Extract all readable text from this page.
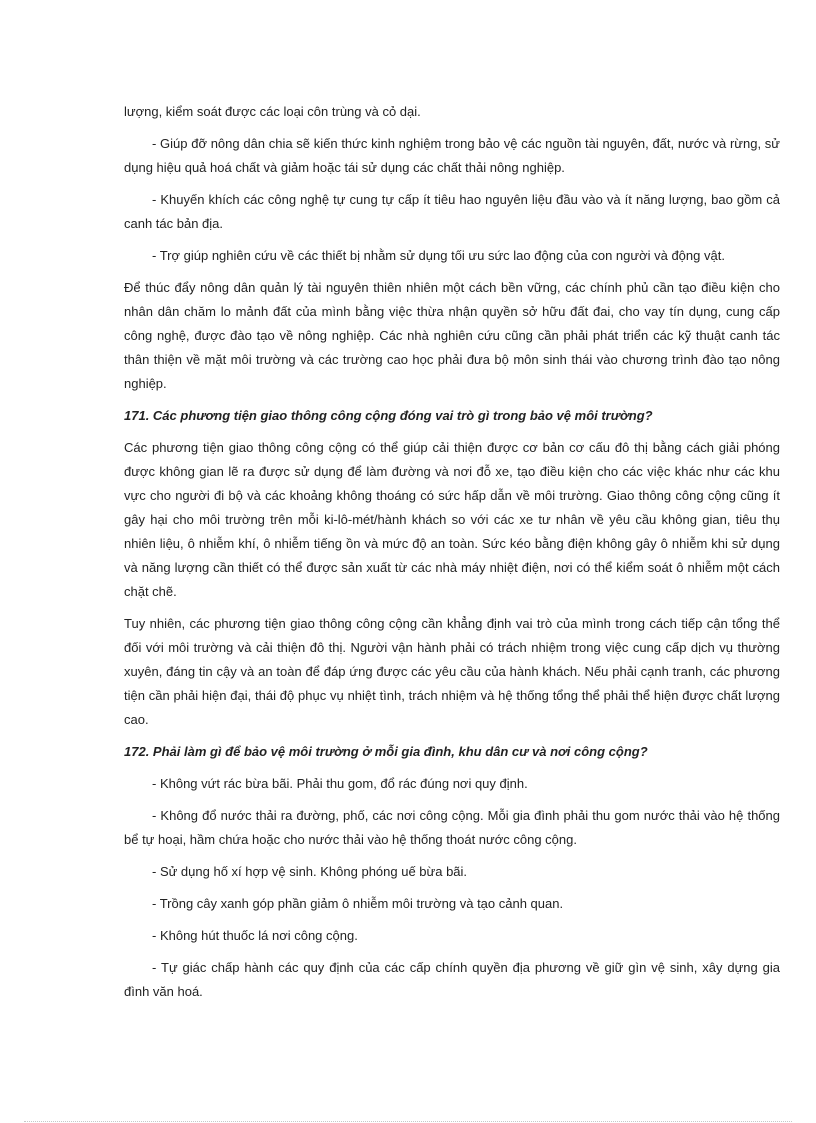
lượng, kiểm soát được các loại côn trùng và cỏ dại.

- Giúp đỡ nông dân chia sẽ kiến thức kinh nghiệm trong bảo vệ các nguồn tài nguyên, đất, nước và rừng, sử dụng hiệu quả hoá chất và giảm hoặc tái sử dụng các chất thải nông nghiệp.

- Khuyến khích các công nghệ tự cung tự cấp ít tiêu hao nguyên liệu đầu vào và ít năng lượng, bao gồm cả canh tác bản địa.

- Trợ giúp nghiên cứu về các thiết bị nhằm sử dụng tối ưu sức lao động của con người và động vật.

Để thúc đẩy nông dân quản lý tài nguyên thiên nhiên một cách bền vững, các chính phủ cần tạo điều kiện cho nhân dân chăm lo mảnh đất của mình bằng việc thừa nhận quyền sở hữu đất đai, cho vay tín dụng, cung cấp công nghệ, được đào tạo về nông nghiệp. Các nhà nghiên cứu cũng cần phải phát triển các kỹ thuật canh tác thân thiện về mặt môi trường và các trường cao học phải đưa bộ môn sinh thái vào chương trình đào tạo nông nghiệp.

171. Các phương tiện giao thông công cộng đóng vai trò gì trong bảo vệ môi trường?

Các phương tiện giao thông công cộng có thể giúp cải thiện được cơ bản cơ cấu đô thị bằng cách giải phóng được không gian lẽ ra được sử dụng để làm đường và nơi đỗ xe, tạo điều kiện cho các việc khác như các khu vực cho người đi bộ và các khoảng không thoáng có sức hấp dẫn về môi trường. Giao thông công cộng cũng ít gây hại cho môi trường trên mỗi ki-lô-mét/hành khách so với các xe tư nhân về yêu cầu không gian, tiêu thụ nhiên liệu, ô nhiễm khí, ô nhiễm tiếng ồn và mức độ an toàn. Sức kéo bằng điện không gây ô nhiễm khi sử dụng và năng lượng cần thiết có thể được sản xuất từ các nhà máy nhiệt điện, nơi có thể kiểm soát ô nhiễm một cách chặt chẽ.

Tuy nhiên, các phương tiện giao thông công cộng cần khẳng định vai trò của mình trong cách tiếp cận tổng thể đối với môi trường và cải thiện đô thị. Người vận hành phải có trách nhiệm trong việc cung cấp dịch vụ thường xuyên, đáng tin cậy và an toàn để đáp ứng được các yêu cầu của hành khách. Nếu phải cạnh tranh, các phương tiện cần phải hiện đại, thái độ phục vụ nhiệt tình, trách nhiệm và hệ thống tổng thể phải thể hiện được chất lượng cao.

172. Phải làm gì để bảo vệ môi trường ở mỗi gia đình, khu dân cư và nơi công cộng?

- Không vứt rác bừa bãi. Phải thu gom, đổ rác đúng nơi quy định.

- Không đổ nước thải ra đường, phố, các nơi công cộng. Mỗi gia đình phải thu gom nước thải vào hệ thống bể tự hoại, hầm chứa hoặc cho nước thải vào hệ thống thoát nước công cộng.

- Sử dụng hố xí hợp vệ sinh. Không phóng uế bừa bãi.

- Trồng cây xanh góp phần giảm ô nhiễm môi trường và tạo cảnh quan.

- Không hút thuốc lá nơi công cộng.

- Tự giác chấp hành các quy định của các cấp chính quyền địa phương về giữ gìn vệ sinh, xây dựng gia đình văn hoá.
